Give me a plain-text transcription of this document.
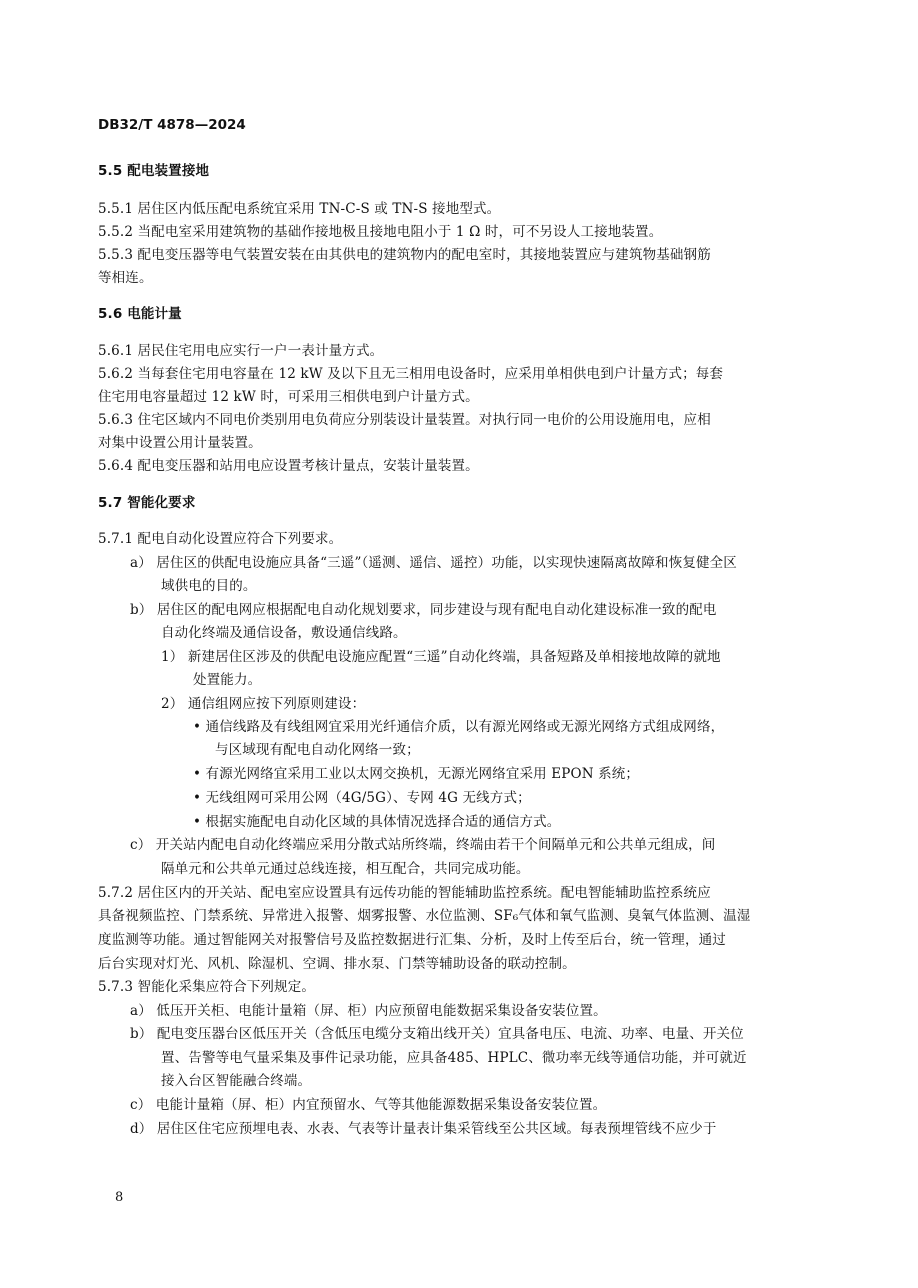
DB32/T 4878—2024
5.5 配电装置接地
5.5.1 居住区内低压配电系统宜采用 TN-C-S 或 TN-S 接地型式。
5.5.2 当配电室采用建筑物的基础作接地极且接地电阻小于 1 Ω 时，可不另设人工接地装置。
5.5.3 配电变压器等电气装置安装在由其供电的建筑物内的配电室时，其接地装置应与建筑物基础钢筋
等相连。
5.6 电能计量
5.6.1 居民住宅用电应实行一户一表计量方式。
5.6.2 当每套住宅用电容量在 12 kW 及以下且无三相用电设备时，应采用单相供电到户计量方式；每套
住宅用电容量超过 12 kW 时，可采用三相供电到户计量方式。
5.6.3 住宅区域内不同电价类别用电负荷应分别装设计量装置。对执行同一电价的公用设施用电，应相
对集中设置公用计量装置。
5.6.4 配电变压器和站用电应设置考核计量点，安装计量装置。
5.7 智能化要求
5.7.1 配电自动化设置应符合下列要求。
a） 居住区的供配电设施应具备“三遥”（遥测、遥信、遥控）功能，以实现快速隔离故障和恢复健全区
域供电的目的。
b） 居住区的配电网应根据配电自动化规划要求，同步建设与现有配电自动化建设标准一致的配电
自动化终端及通信设备，敷设通信线路。
1） 新建居住区涉及的供配电设施应配置“三遥”自动化终端，具备短路及单相接地故障的就地
处置能力。
2） 通信组网应按下列原则建设：
• 通信线路及有线组网宜采用光纤通信介质，以有源光网络或无源光网络方式组成网络，
与区域现有配电自动化网络一致；
• 有源光网络宜采用工业以太网交换机，无源光网络宜采用 EPON 系统；
• 无线组网可采用公网（4G/5G）、专网 4G 无线方式；
• 根据实施配电自动化区域的具体情况选择合适的通信方式。
c） 开关站内配电自动化终端应采用分散式站所终端，终端由若干个间隔单元和公共单元组成，间
隔单元和公共单元通过总线连接，相互配合，共同完成功能。
5.7.2 居住区内的开关站、配电室应设置具有远传功能的智能辅助监控系统。配电智能辅助监控系统应
具备视频监控、门禁系统、异常进入报警、烟雾报警、水位监测、SF₆气体和氧气监测、臭氧气体监测、温湿
度监测等功能。通过智能网关对报警信号及监控数据进行汇集、分析，及时上传至后台，统一管理，通过
后台实现对灯光、风机、除湿机、空调、排水泵、门禁等辅助设备的联动控制。
5.7.3 智能化采集应符合下列规定。
a） 低压开关柜、电能计量箱（屏、柜）内应预留电能数据采集设备安装位置。
b） 配电变压器台区低压开关（含低压电缆分支箱出线开关）宜具备电压、电流、功率、电量、开关位
置、告警等电气量采集及事件记录功能，应具备485、HPLC、微功率无线等通信功能，并可就近
接入台区智能融合终端。
c） 电能计量箱（屏、柜）内宜预留水、气等其他能源数据采集设备安装位置。
d） 居住区住宅应预埋电表、水表、气表等计量表计集采管线至公共区域。每表预埋管线不应少于
8
